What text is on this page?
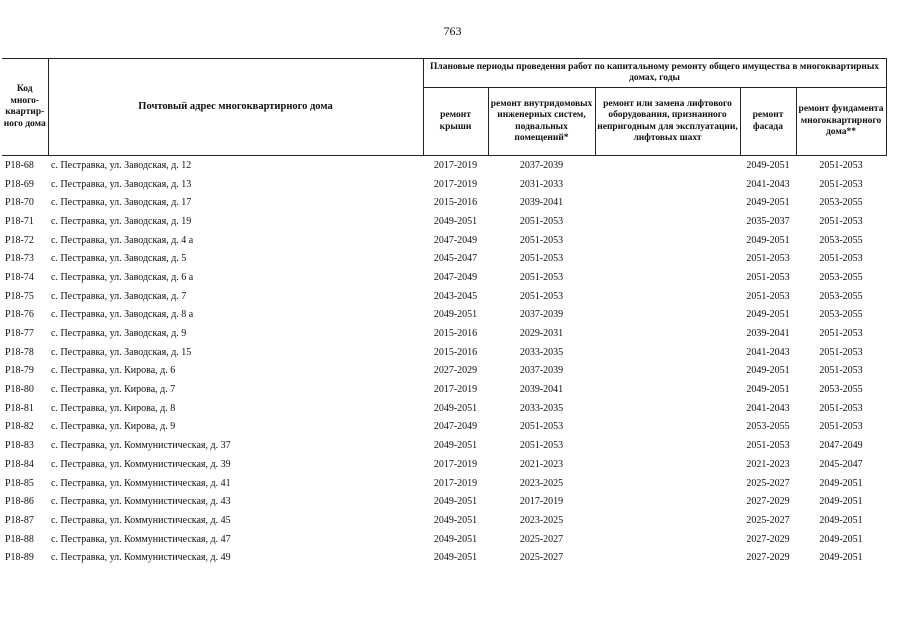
763
Код много-квартир-ного дома	Почтовый адрес многоквартирного дома	Плановые периоды проведения работ по капитальному ремонту общего имущества в многоквартирных домах, годы				
		ремонт крыши	ремонт внутридомовых инженерных систем, подвальных помещений*	ремонт или замена лифтового оборудования, признанного непригодным для эксплуатации, лифтовых шахт	ремонт фасада	ремонт фундамента многоквартирного дома**
P18-68	с. Пестравка, ул. Заводская, д. 12	2017-2019	2037-2039		2049-2051	2051-2053
P18-69	с. Пестравка, ул. Заводская, д. 13	2017-2019	2031-2033		2041-2043	2051-2053
P18-70	с. Пестравка, ул. Заводская, д. 17	2015-2016	2039-2041		2049-2051	2053-2055
P18-71	с. Пестравка, ул. Заводская, д. 19	2049-2051	2051-2053		2035-2037	2051-2053
P18-72	с. Пестравка, ул. Заводская, д. 4 а	2047-2049	2051-2053		2049-2051	2053-2055
P18-73	с. Пестравка, ул. Заводская, д. 5	2045-2047	2051-2053		2051-2053	2051-2053
P18-74	с. Пестравка, ул. Заводская, д. 6 а	2047-2049	2051-2053		2051-2053	2053-2055
P18-75	с. Пестравка, ул. Заводская, д. 7	2043-2045	2051-2053		2051-2053	2053-2055
P18-76	с. Пестравка, ул. Заводская, д. 8 а	2049-2051	2037-2039		2049-2051	2053-2055
P18-77	с. Пестравка, ул. Заводская, д. 9	2015-2016	2029-2031		2039-2041	2051-2053
P18-78	с. Пестравка, ул. Заводская, д. 15	2015-2016	2033-2035		2041-2043	2051-2053
P18-79	с. Пестравка, ул. Кирова, д. 6	2027-2029	2037-2039		2049-2051	2051-2053
P18-80	с. Пестравка, ул. Кирова, д. 7	2017-2019	2039-2041		2049-2051	2053-2055
P18-81	с. Пестравка, ул. Кирова, д. 8	2049-2051	2033-2035		2041-2043	2051-2053
P18-82	с. Пестравка, ул. Кирова, д. 9	2047-2049	2051-2053		2053-2055	2051-2053
P18-83	с. Пестравка, ул. Коммунистическая, д. 37	2049-2051	2051-2053		2051-2053	2047-2049
P18-84	с. Пестравка, ул. Коммунистическая, д. 39	2017-2019	2021-2023		2021-2023	2045-2047
P18-85	с. Пестравка, ул. Коммунистическая, д. 41	2017-2019	2023-2025		2025-2027	2049-2051
P18-86	с. Пестравка, ул. Коммунистическая, д. 43	2049-2051	2017-2019		2027-2029	2049-2051
P18-87	с. Пестравка, ул. Коммунистическая, д. 45	2049-2051	2023-2025		2025-2027	2049-2051
P18-88	с. Пестравка, ул. Коммунистическая, д. 47	2049-2051	2025-2027		2027-2029	2049-2051
P18-89	с. Пестравка, ул. Коммунистическая, д. 49	2049-2051	2025-2027		2027-2029	2049-2051
